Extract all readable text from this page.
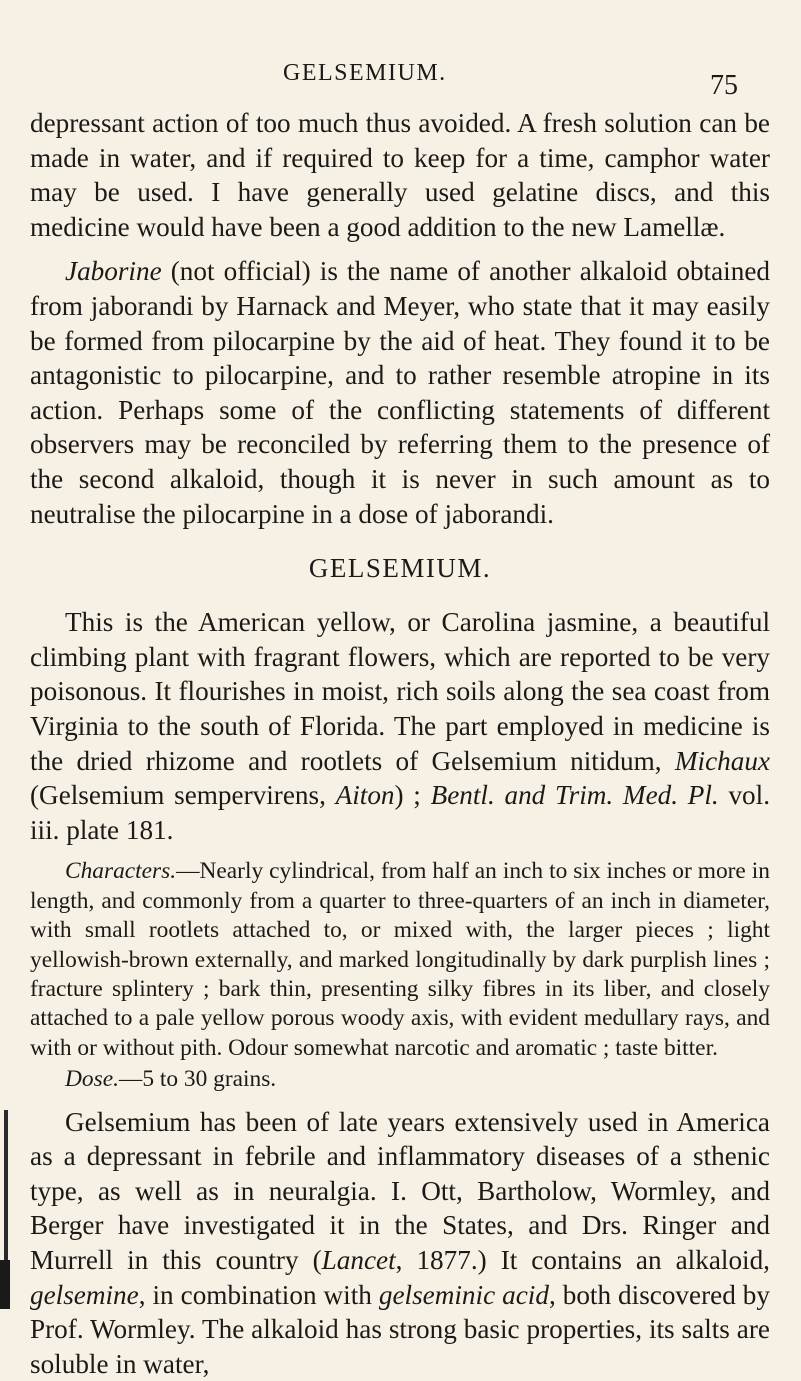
GELSEMIUM.	75

depressant action of too much thus avoided. A fresh solution can be made in water, and if required to keep for a time, camphor water may be used. I have generally used gelatine discs, and this medicine would have been a good addition to the new Lamellæ.

Jaborine (not official) is the name of another alkaloid obtained from jaborandi by Harnack and Meyer, who state that it may easily be formed from pilocarpine by the aid of heat. They found it to be antagonistic to pilocarpine, and to rather resemble atropine in its action. Perhaps some of the conflicting statements of different observers may be reconciled by referring them to the presence of the second alkaloid, though it is never in such amount as to neutralise the pilocarpine in a dose of jaborandi.

GELSEMIUM.

This is the American yellow, or Carolina jasmine, a beautiful climbing plant with fragrant flowers, which are reported to be very poisonous. It flourishes in moist, rich soils along the sea coast from Virginia to the south of Florida. The part employed in medicine is the dried rhizome and rootlets of Gelsemium nitidum, Michaux (Gelsemium sempervirens, Aiton) ; Bentl. and Trim. Med. Pl. vol. iii. plate 181.

Characters.—Nearly cylindrical, from half an inch to six inches or more in length, and commonly from a quarter to three-quarters of an inch in diameter, with small rootlets attached to, or mixed with, the larger pieces ; light yellowish-brown externally, and marked longitudinally by dark purplish lines ; fracture splintery ; bark thin, presenting silky fibres in its liber, and closely attached to a pale yellow porous woody axis, with evident medullary rays, and with or without pith. Odour somewhat narcotic and aromatic ; taste bitter.

Dose.—5 to 30 grains.

Gelsemium has been of late years extensively used in America as a depressant in febrile and inflammatory diseases of a sthenic type, as well as in neuralgia. I. Ott, Bartholow, Wormley, and Berger have investigated it in the States, and Drs. Ringer and Murrell in this country (Lancet, 1877.) It contains an alkaloid, gelsemine, in combination with gelseminic acid, both discovered by Prof. Wormley. The alkaloid has strong basic properties, its salts are soluble in water,
